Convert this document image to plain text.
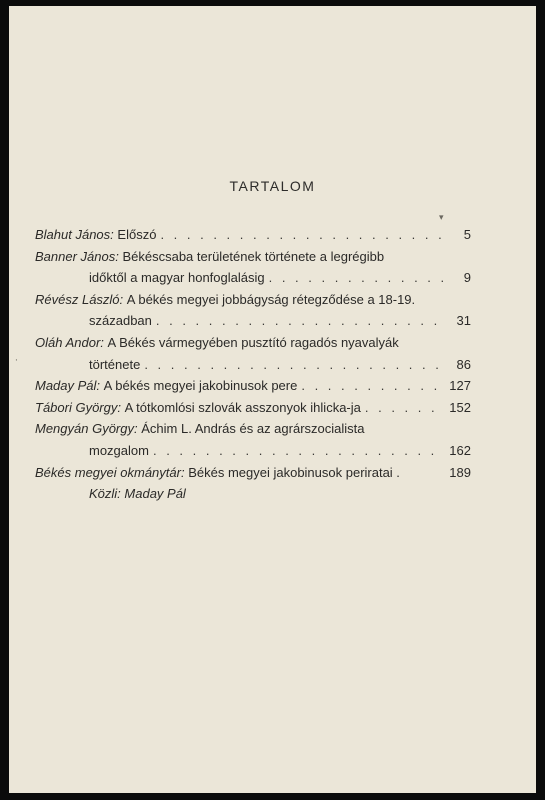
TARTALOM
Blahut János:
Előszó . . .	5
Banner János:
Békéscsaba területének története a legrégibb
időktől a magyar honfoglalásig . . .	9
Révész László:
A békés megyei jobbágyság rétegződése a 18-19.
században . . .	31
Oláh Andor:
A Békés vármegyében pusztító ragadós nyavalyák
története . . .	86
Maday Pál:
A békés megyei jakobinusok pere . . .	127
Tábori György:
A tótkomlósi szlovák asszonyok ihlicka-ja . . .	152
Mengyán György:
Áchim L. András és az agrárszocialista
mozgalom . . .	162
Békés megyei okmánytár:
Békés megyei jakobinusok periratai .	189
Közli: Maday Pál
▾
·
